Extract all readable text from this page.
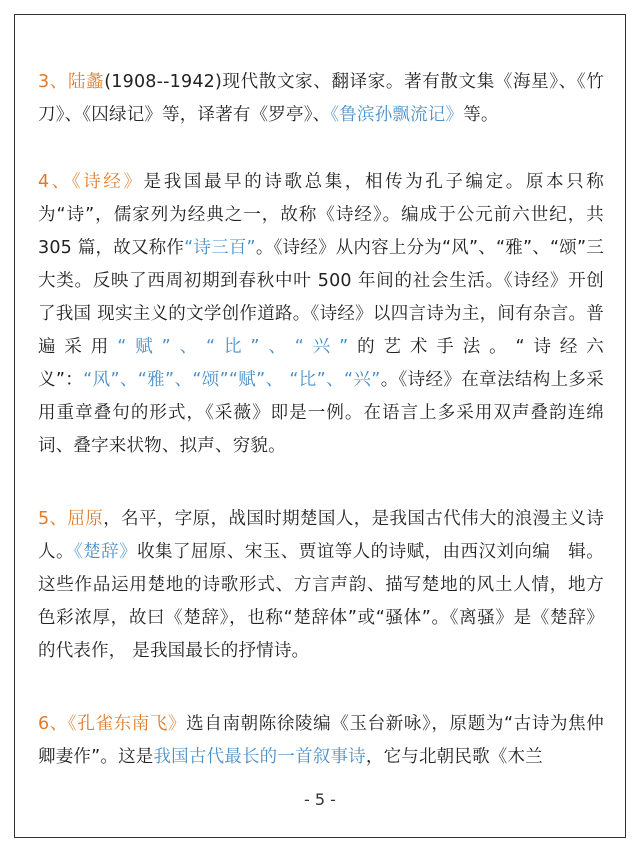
3、陆蠡(1908--1942)现代散文家、翻译家。著有散文集《海星》、《竹刀》、《囚绿记》等，译著有《罗亭》、《鲁滨孙飘流记》等。

4、《诗经》是我国最早的诗歌总集，相传为孔子编定。原本只称为“诗”，儒家列为经典之一，故称《诗经》。编成于公元前六世纪，共 305 篇，故又称作“诗三百”。《诗经》从内容上分为“风”、“雅”、“颂”三大类。反映了西周初期到春秋中叶 500 年间的社会生活。《诗经》开创了我国 现实主义的文学创作道路。《诗经》以四言诗为主，间有杂言。普遍采用“赋”、“比”、“兴”的艺术手法。“诗经六义”：“风”、“雅”、“颂”“赋”、 “比”、“兴”。《诗经》在章法结构上多采用重章叠句的形式，《采薇》即是一例。在语言上多采用双声叠韵连绵词、叠字来状物、拟声、穷貌。

5、屈原，名平，字原，战国时期楚国人，是我国古代伟大的浪漫主义诗人。《楚辞》收集了屈原、宋玉、贾谊等人的诗赋，由西汉刘向编　辑。这些作品运用楚地的诗歌形式、方言声韵、描写楚地的风土人情，地方色彩浓厚，故曰《楚辞》，也称“楚辞体”或“骚体”。《离骚》是《楚辞》的代表作， 是我国最长的抒情诗。

6、《孔雀东南飞》选自南朝陈徐陵编《玉台新咏》，原题为“古诗为焦仲卿妻作”。这是我国古代最长的一首叙事诗，它与北朝民歌《木兰

- 5 -
